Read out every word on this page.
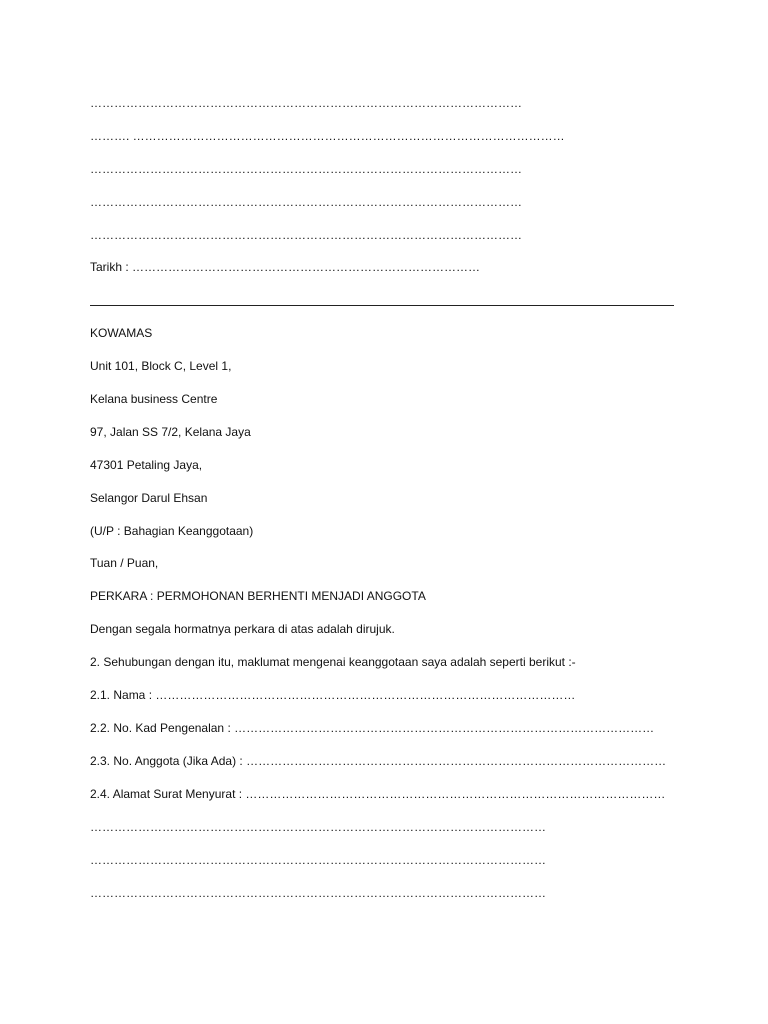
………………………………………………………………………………………………
………. ………………………………………………………………………………………………
………………………………………………………………………………………………
………………………………………………………………………………………………
………………………………………………………………………………………………
Tarikh : ……………………………………………………………………………
KOWAMAS
Unit 101, Block C, Level 1,
Kelana business Centre
97, Jalan SS 7/2, Kelana Jaya
47301 Petaling Jaya,
Selangor Darul Ehsan
(U/P : Bahagian Keanggotaan)
Tuan / Puan,
PERKARA : PERMOHONAN BERHENTI MENJADI ANGGOTA
Dengan segala hormatnya perkara di atas adalah dirujuk.
2. Sehubungan dengan itu, maklumat mengenai keanggotaan saya adalah seperti berikut :-
2.1. Nama : ……………………………………………………………………………………………
2.2. No. Kad Pengenalan : ……………………………………………………………………………………………
2.3. No. Anggota (Jika Ada) : ……………………………………………………………………………………………
2.4. Alamat Surat Menyurat : ……………………………………………………………………………………………
……………………………………………………………………………………………………
……………………………………………………………………………………………………
……………………………………………………………………………………………………
